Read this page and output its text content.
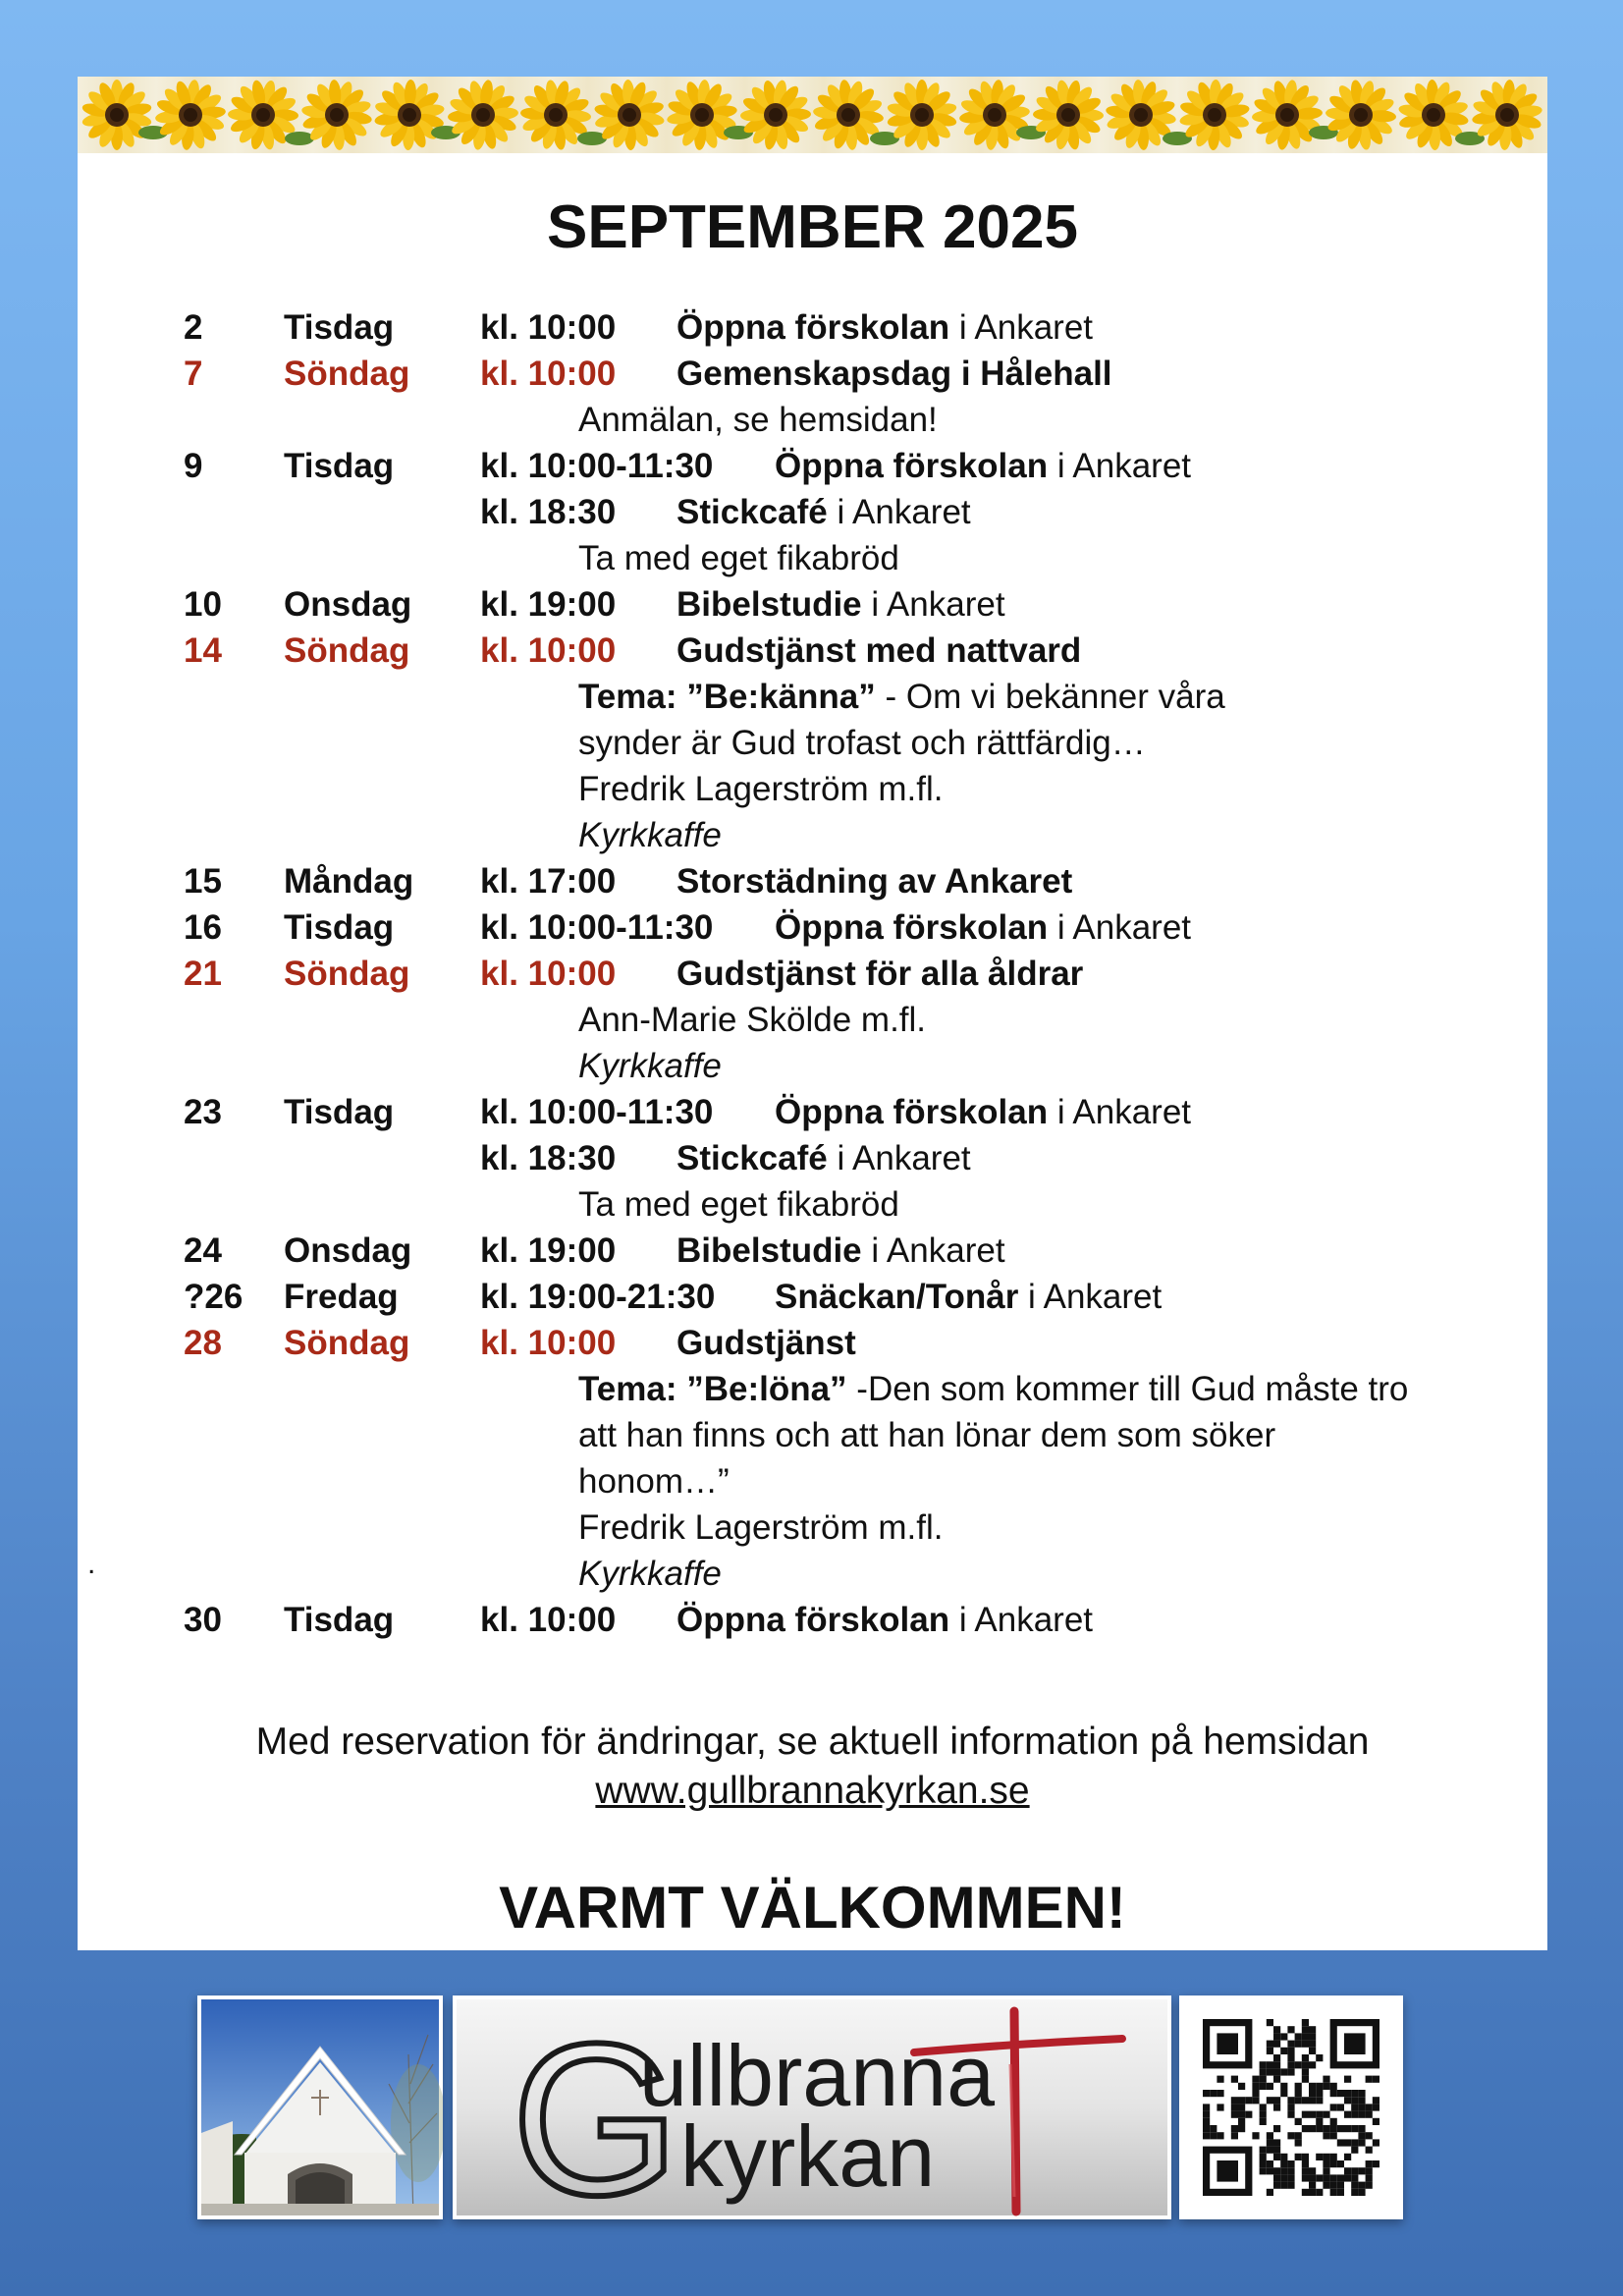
SEPTEMBER 2025
2 Tisdag	kl. 10:00 Öppna förskolan i Ankaret
7 Söndag kl. 10:00 Gemenskapsdag i Hålehall
Anmälan, se hemsidan!
9 Tisdag	kl. 10:00-11:30 Öppna förskolan i Ankaret
kl. 18:30 Stickcafé i Ankaret
Ta med eget fikabröd
10 Onsdag kl. 19:00 Bibelstudie i Ankaret
14 Söndag kl. 10:00 Gudstjänst med nattvard
Tema: ”Be:känna” - Om vi bekänner våra
synder är Gud trofast och rättfärdig…
Fredrik Lagerström m.fl.
Kyrkkaffe
15 Måndag kl. 17:00 Storstädning av Ankaret
16 Tisdag	kl. 10:00-11:30 Öppna förskolan i Ankaret
21 Söndag kl. 10:00 Gudstjänst för alla åldrar
Ann-Marie Skölde m.fl.
Kyrkkaffe
23 Tisdag	kl. 10:00-11:30 Öppna förskolan i Ankaret
kl. 18:30 Stickcafé i Ankaret
Ta med eget fikabröd
24 Onsdag kl. 19:00 Bibelstudie i Ankaret
?26 Fredag kl. 19:00-21:30 Snäckan/Tonår i Ankaret
28 Söndag kl. 10:00 Gudstjänst
Tema: ”Be:löna” -Den som kommer till Gud måste tro
att han finns och att han lönar dem som söker
honom…”
Fredrik Lagerström m.fl.
Kyrkkaffe
30 Tisdag	kl. 10:00 Öppna förskolan i Ankaret
.
Med reservation för ändringar, se aktuell information på hemsidan
www.gullbrannakyrkan.se
VARMT VÄLKOMMEN!
G
ullbranna
kyrkan
